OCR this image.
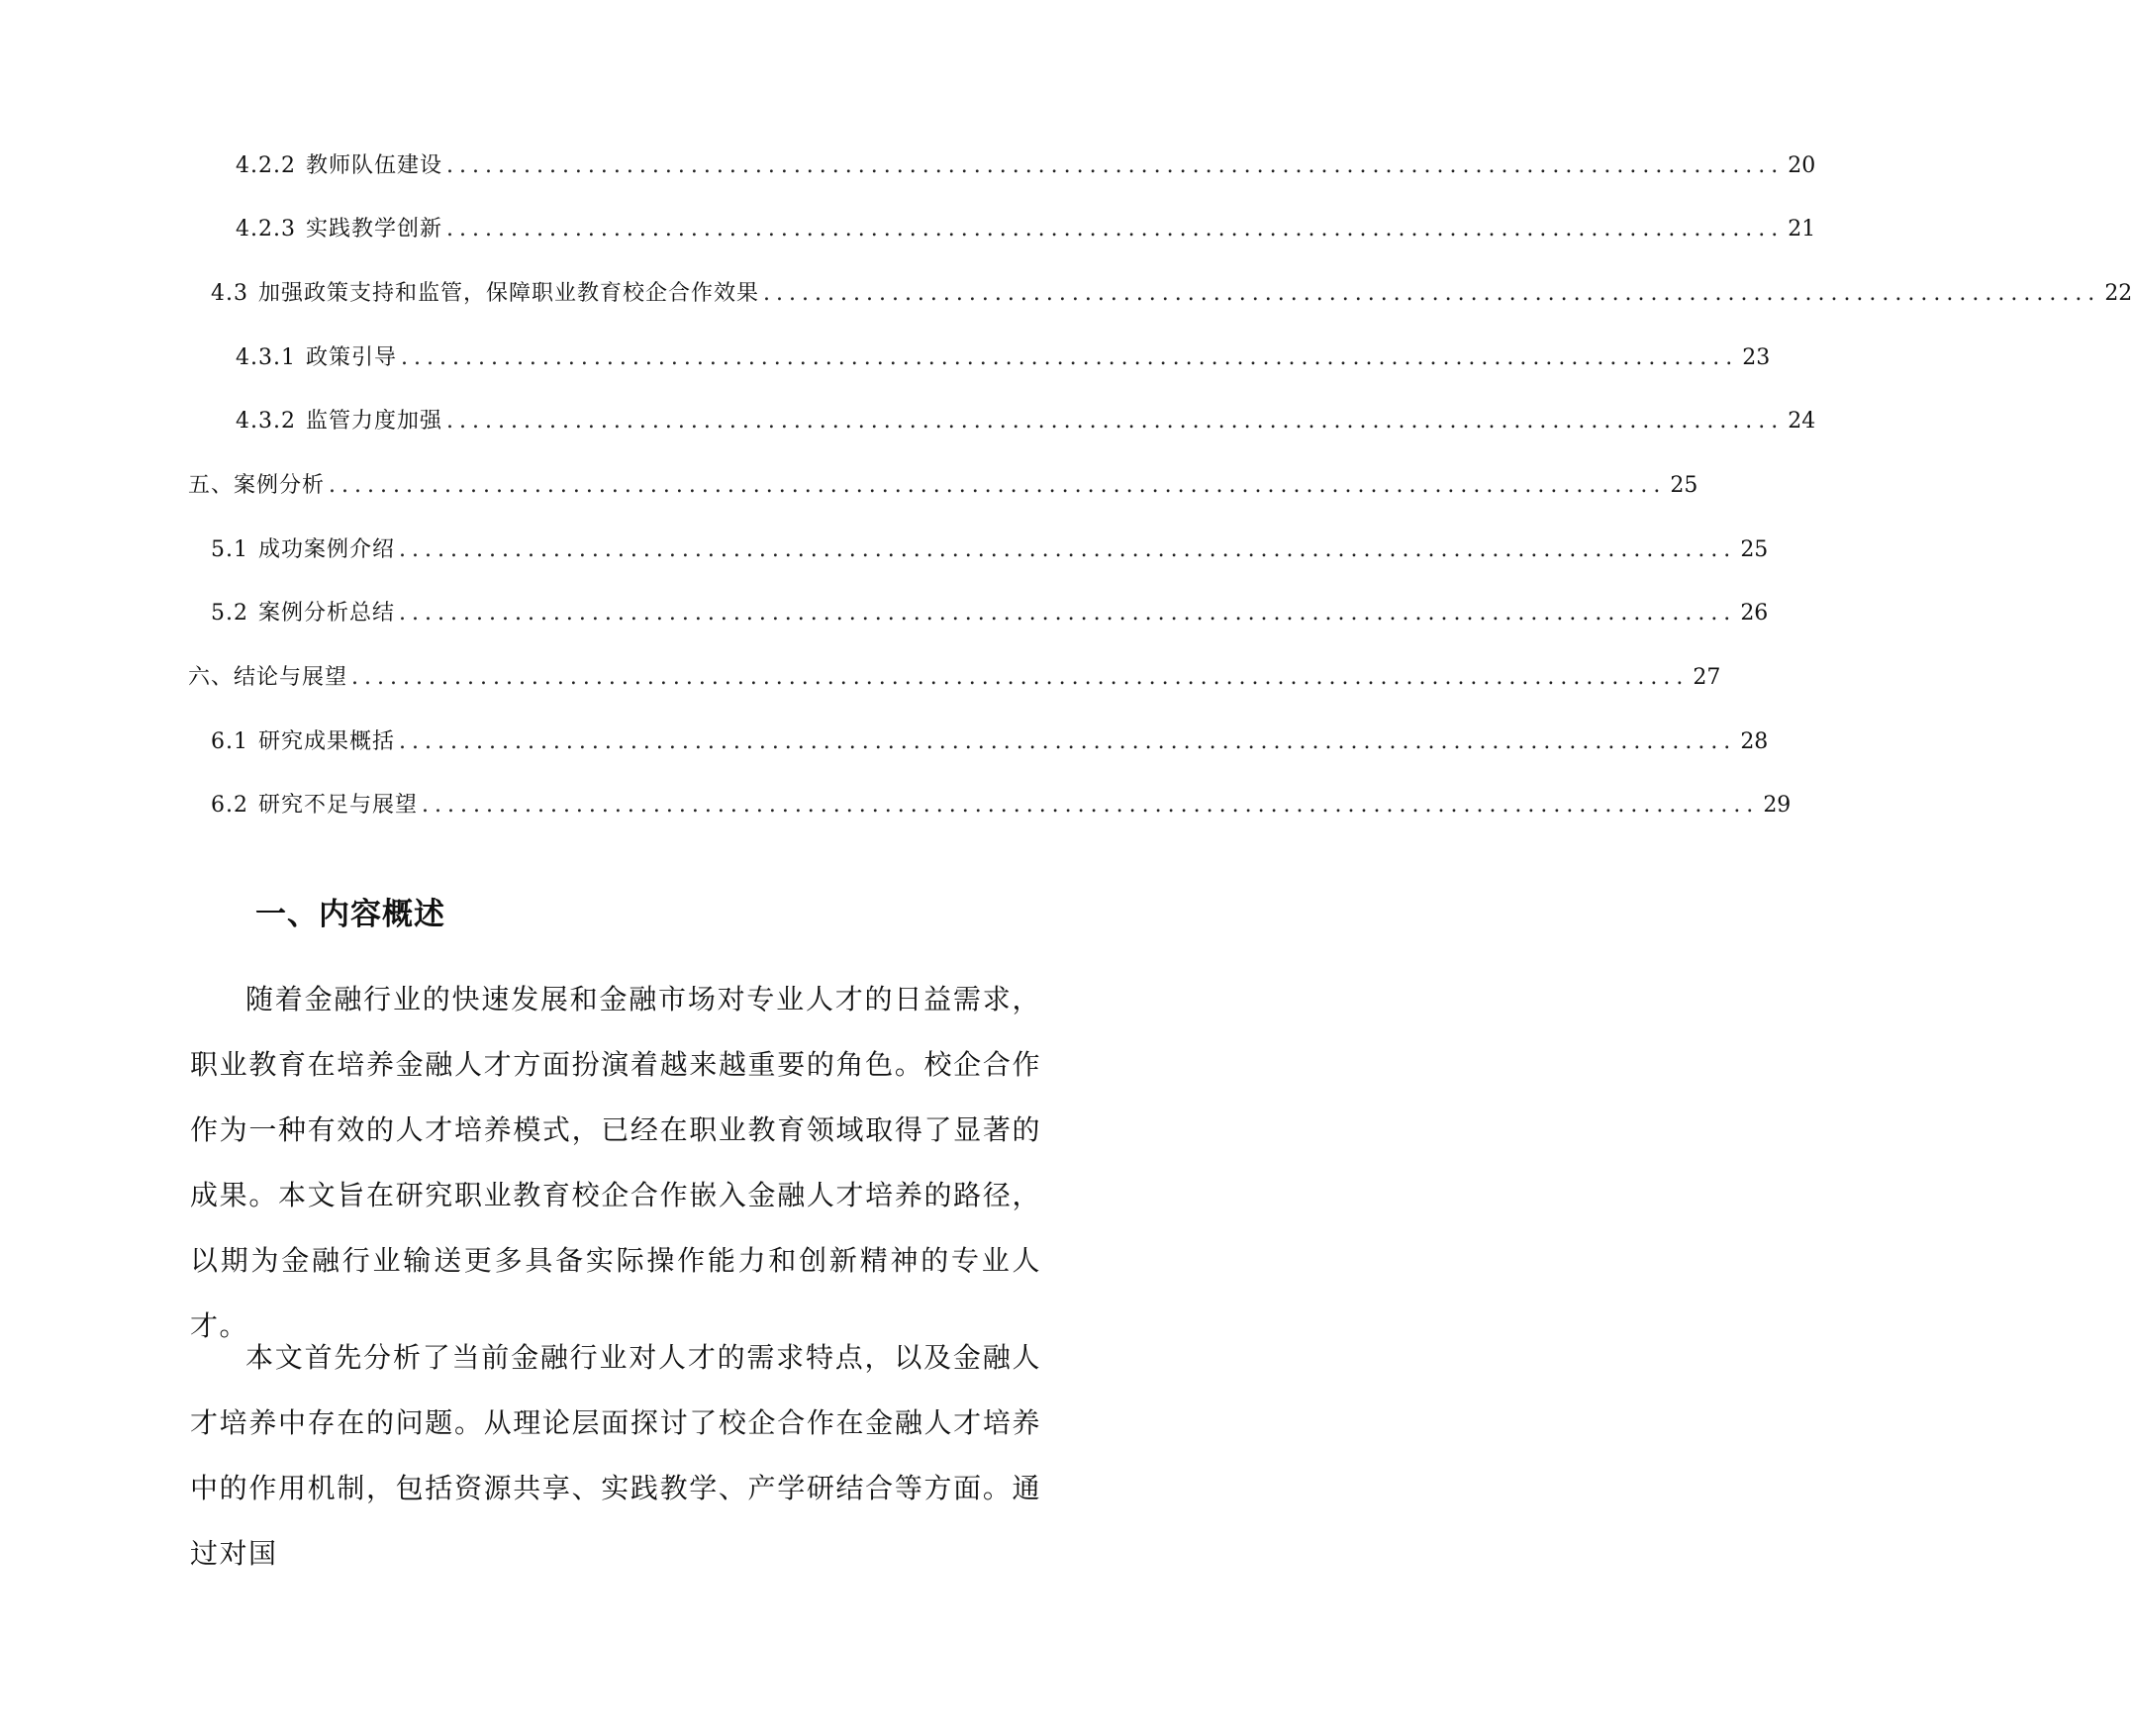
4.2.2 教师队伍建设 ........................................................................................................ 20
4.2.3 实践教学创新 ........................................................................................................ 21
4.3 加强政策支持和监管，保障职业教育校企合作效果 ........................................................................................................ 22
4.3.1 政策引导 ........................................................................................................ 23
4.3.2 监管力度加强 ........................................................................................................ 24
五、 案例分析 ........................................................................................................ 25
5.1 成功案例介绍 ........................................................................................................ 25
5.2 案例分析总结 ........................................................................................................ 26
六、 结论与展望 ........................................................................................................ 27
6.1 研究成果概括 ........................................................................................................ 28
6.2 研究不足与展望 ........................................................................................................ 29
一、内容概述

随着金融行业的快速发展和金融市场对专业人才的日益需求，职业教育在培养金融人才方面扮演着越来越重要的角色。校企合作作为一种有效的人才培养模式，已经在职业教育领域取得了显著的成果。本文旨在研究职业教育校企合作嵌入金融人才培养的路径，以期为金融行业输送更多具备实际操作能力和创新精神的专业人才。

本文首先分析了当前金融行业对人才的需求特点，以及金融人才培养中存在的问题。从理论层面探讨了校企合作在金融人才培养中的作用机制，包括资源共享、实践教学、产学研结合等方面。通过对国
